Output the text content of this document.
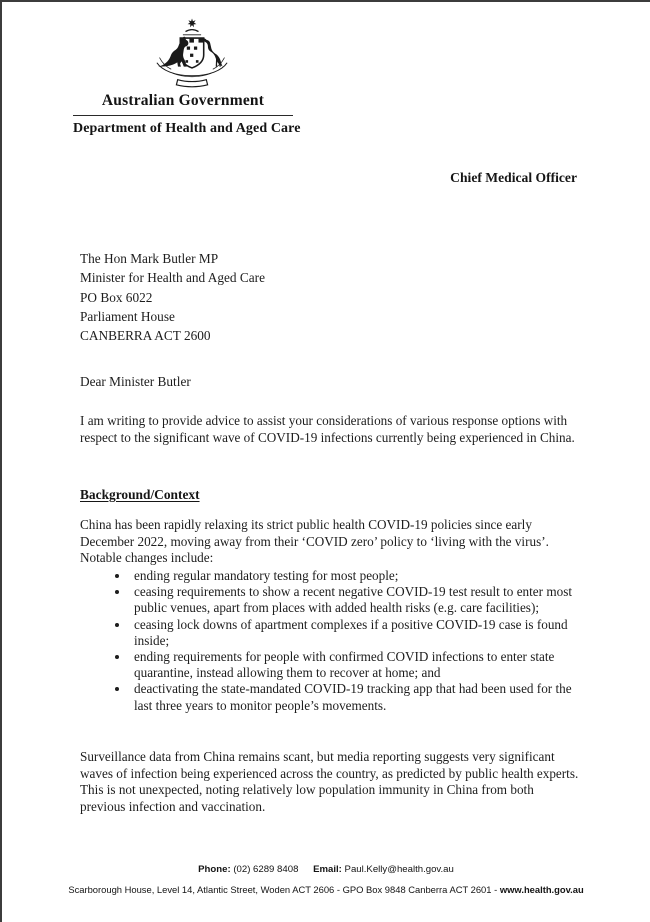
Australian Government
Department of Health and Aged Care
Chief Medical Officer
The Hon Mark Butler MP
Minister for Health and Aged Care
PO Box 6022
Parliament House
CANBERRA ACT 2600
Dear Minister Butler
I am writing to provide advice to assist your considerations of various response options with respect to the significant wave of COVID-19 infections currently being experienced in China.
Background/Context
China has been rapidly relaxing its strict public health COVID-19 policies since early December 2022, moving away from their ‘COVID zero’ policy to ‘living with the virus’. Notable changes include:
• ending regular mandatory testing for most people;
• ceasing requirements to show a recent negative COVID-19 test result to enter most public venues, apart from places with added health risks (e.g. care facilities);
• ceasing lock downs of apartment complexes if a positive COVID-19 case is found inside;
• ending requirements for people with confirmed COVID infections to enter state quarantine, instead allowing them to recover at home; and
• deactivating the state-mandated COVID-19 tracking app that had been used for the last three years to monitor people’s movements.
Surveillance data from China remains scant, but media reporting suggests very significant waves of infection being experienced across the country, as predicted by public health experts. This is not unexpected, noting relatively low population immunity in China from both previous infection and vaccination.
Phone: (02) 6289 8408 Email: Paul.Kelly@health.gov.au
Scarborough House, Level 14, Atlantic Street, Woden ACT 2606 - GPO Box 9848 Canberra ACT 2601 - www.health.gov.au
